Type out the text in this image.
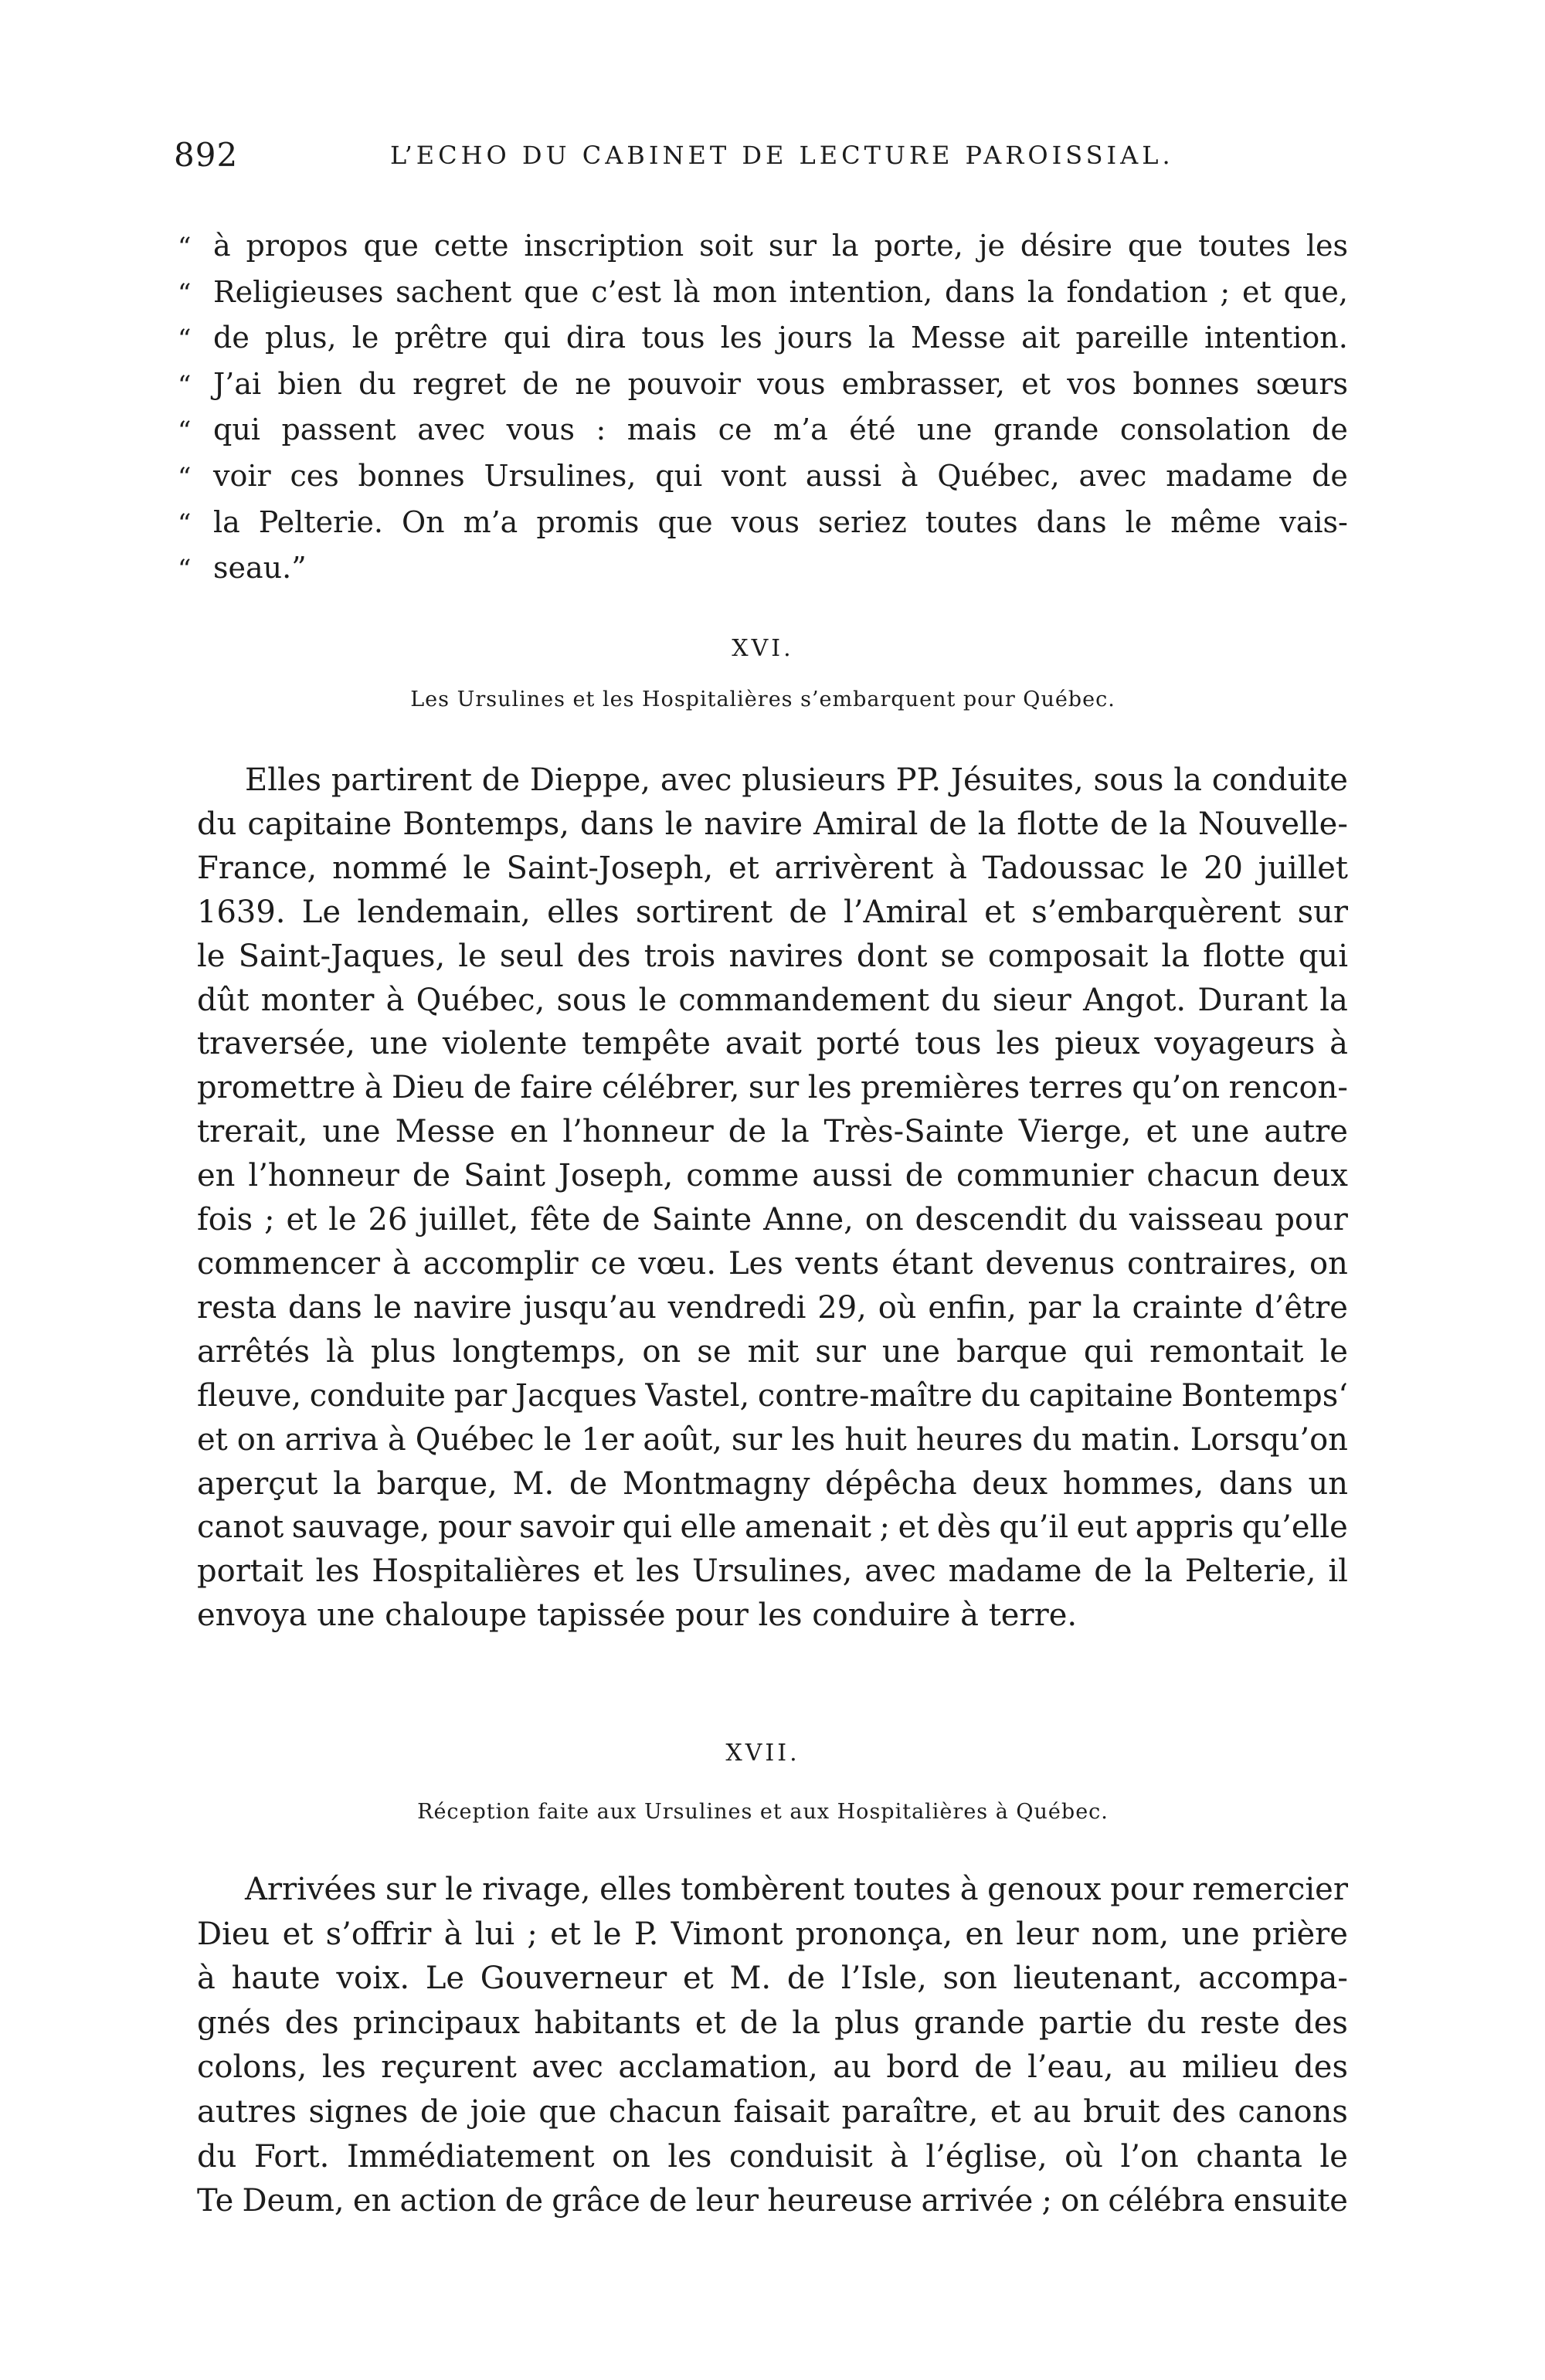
892	L’ECHO DU CABINET DE LECTURE PAROISSIAL.
“ à propos que cette inscription soit sur la porte, je désire que toutes les
“ Religieuses sachent que c’est là mon intention, dans la fondation ; et que,
“ de plus, le prêtre qui dira tous les jours la Messe ait pareille intention.
“ J’ai bien du regret de ne pouvoir vous embrasser, et vos bonnes sœurs
“ qui passent avec vous : mais ce m’a été une grande consolation de
“ voir ces bonnes Ursulines, qui vont aussi à Québec, avec madame de
“ la Pelterie. On m’a promis que vous seriez toutes dans le même vais-
“ seau.”
XVI.
Les Ursulines et les Hospitalières s’embarquent pour Québec.
Elles partirent de Dieppe, avec plusieurs PP. Jésuites, sous la conduite
du capitaine Bontemps, dans le navire Amiral de la flotte de la Nouvelle-
France, nommé le Saint-Joseph, et arrivèrent à Tadoussac le 20 juillet
1639. Le lendemain, elles sortirent de l’Amiral et s’embarquèrent sur
le Saint-Jaques, le seul des trois navires dont se composait la flotte qui
dût monter à Québec, sous le commandement du sieur Angot. Durant la
traversée, une violente tempête avait porté tous les pieux voyageurs à
promettre à Dieu de faire célébrer, sur les premières terres qu’on rencon-
trerait, une Messe en l’honneur de la Très-Sainte Vierge, et une autre
en l’honneur de Saint Joseph, comme aussi de communier chacun deux
fois ; et le 26 juillet, fête de Sainte Anne, on descendit du vaisseau pour
commencer à accomplir ce vœu. Les vents étant devenus contraires, on
resta dans le navire jusqu’au vendredi 29, où enfin, par la crainte d’être
arrêtés là plus longtemps, on se mit sur une barque qui remontait le
fleuve, conduite par Jacques Vastel, contre-maître du capitaine Bontemps‘
et on arriva à Québec le 1er août, sur les huit heures du matin. Lorsqu’on
aperçut la barque, M. de Montmagny dépêcha deux hommes, dans un
canot sauvage, pour savoir qui elle amenait ; et dès qu’il eut appris qu’elle
portait les Hospitalières et les Ursulines, avec madame de la Pelterie, il
envoya une chaloupe tapissée pour les conduire à terre.
XVII.
Réception faite aux Ursulines et aux Hospitalières à Québec.
Arrivées sur le rivage, elles tombèrent toutes à genoux pour remercier
Dieu et s’offrir à lui ; et le P. Vimont prononça, en leur nom, une prière
à haute voix. Le Gouverneur et M. de l’Isle, son lieutenant, accompa-
gnés des principaux habitants et de la plus grande partie du reste des
colons, les reçurent avec acclamation, au bord de l’eau, au milieu des
autres signes de joie que chacun faisait paraître, et au bruit des canons
du Fort. Immédiatement on les conduisit à l’église, où l’on chanta le
Te Deum, en action de grâce de leur heureuse arrivée ; on célébra ensuite
